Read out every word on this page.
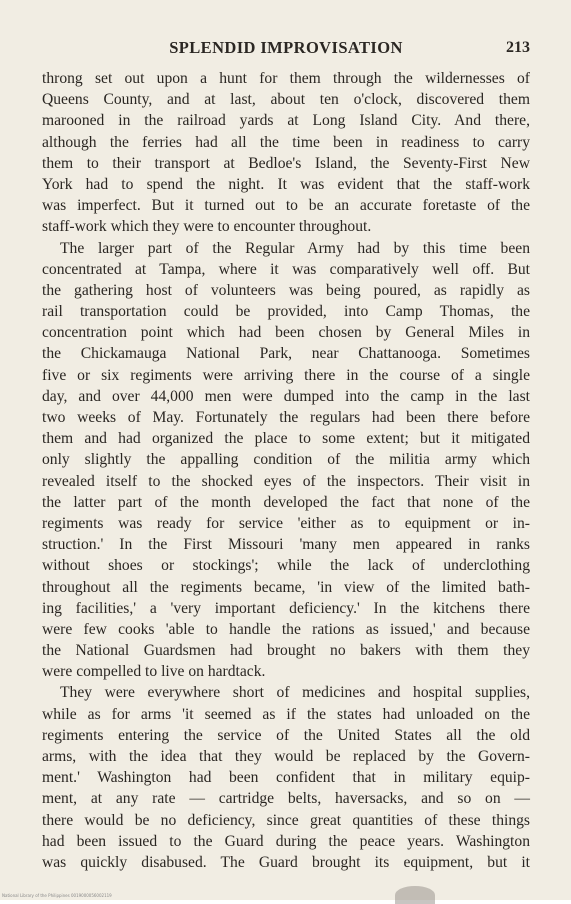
SPLENDID IMPROVISATION	213
throng set out upon a hunt for them through the wildernesses of
Queens County, and at last, about ten o'clock, discovered them
marooned in the railroad yards at Long Island City. And there,
although the ferries had all the time been in readiness to carry
them to their transport at Bedloe's Island, the Seventy-First New
York had to spend the night. It was evident that the staff-work
was imperfect. But it turned out to be an accurate foretaste of the
staff-work which they were to encounter throughout.
The larger part of the Regular Army had by this time been
concentrated at Tampa, where it was comparatively well off. But
the gathering host of volunteers was being poured, as rapidly as
rail transportation could be provided, into Camp Thomas, the
concentration point which had been chosen by General Miles in
the Chickamauga National Park, near Chattanooga. Sometimes
five or six regiments were arriving there in the course of a single
day, and over 44,000 men were dumped into the camp in the last
two weeks of May. Fortunately the regulars had been there before
them and had organized the place to some extent; but it mitigated
only slightly the appalling condition of the militia army which
revealed itself to the shocked eyes of the inspectors. Their visit in
the latter part of the month developed the fact that none of the
regiments was ready for service 'either as to equipment or in-
struction.' In the First Missouri 'many men appeared in ranks
without shoes or stockings'; while the lack of underclothing
throughout all the regiments became, 'in view of the limited bath-
ing facilities,' a 'very important deficiency.' In the kitchens there
were few cooks 'able to handle the rations as issued,' and because
the National Guardsmen had brought no bakers with them they
were compelled to live on hardtack.
They were everywhere short of medicines and hospital supplies,
while as for arms 'it seemed as if the states had unloaded on the
regiments entering the service of the United States all the old
arms, with the idea that they would be replaced by the Govern-
ment.' Washington had been confident that in military equip-
ment, at any rate — cartridge belts, haversacks, and so on —
there would be no deficiency, since great quantities of these things
had been issued to the Guard during the peace years. Washington
was quickly disabused. The Guard brought its equipment, but it
National Library of the Philippines 0019000056002119
